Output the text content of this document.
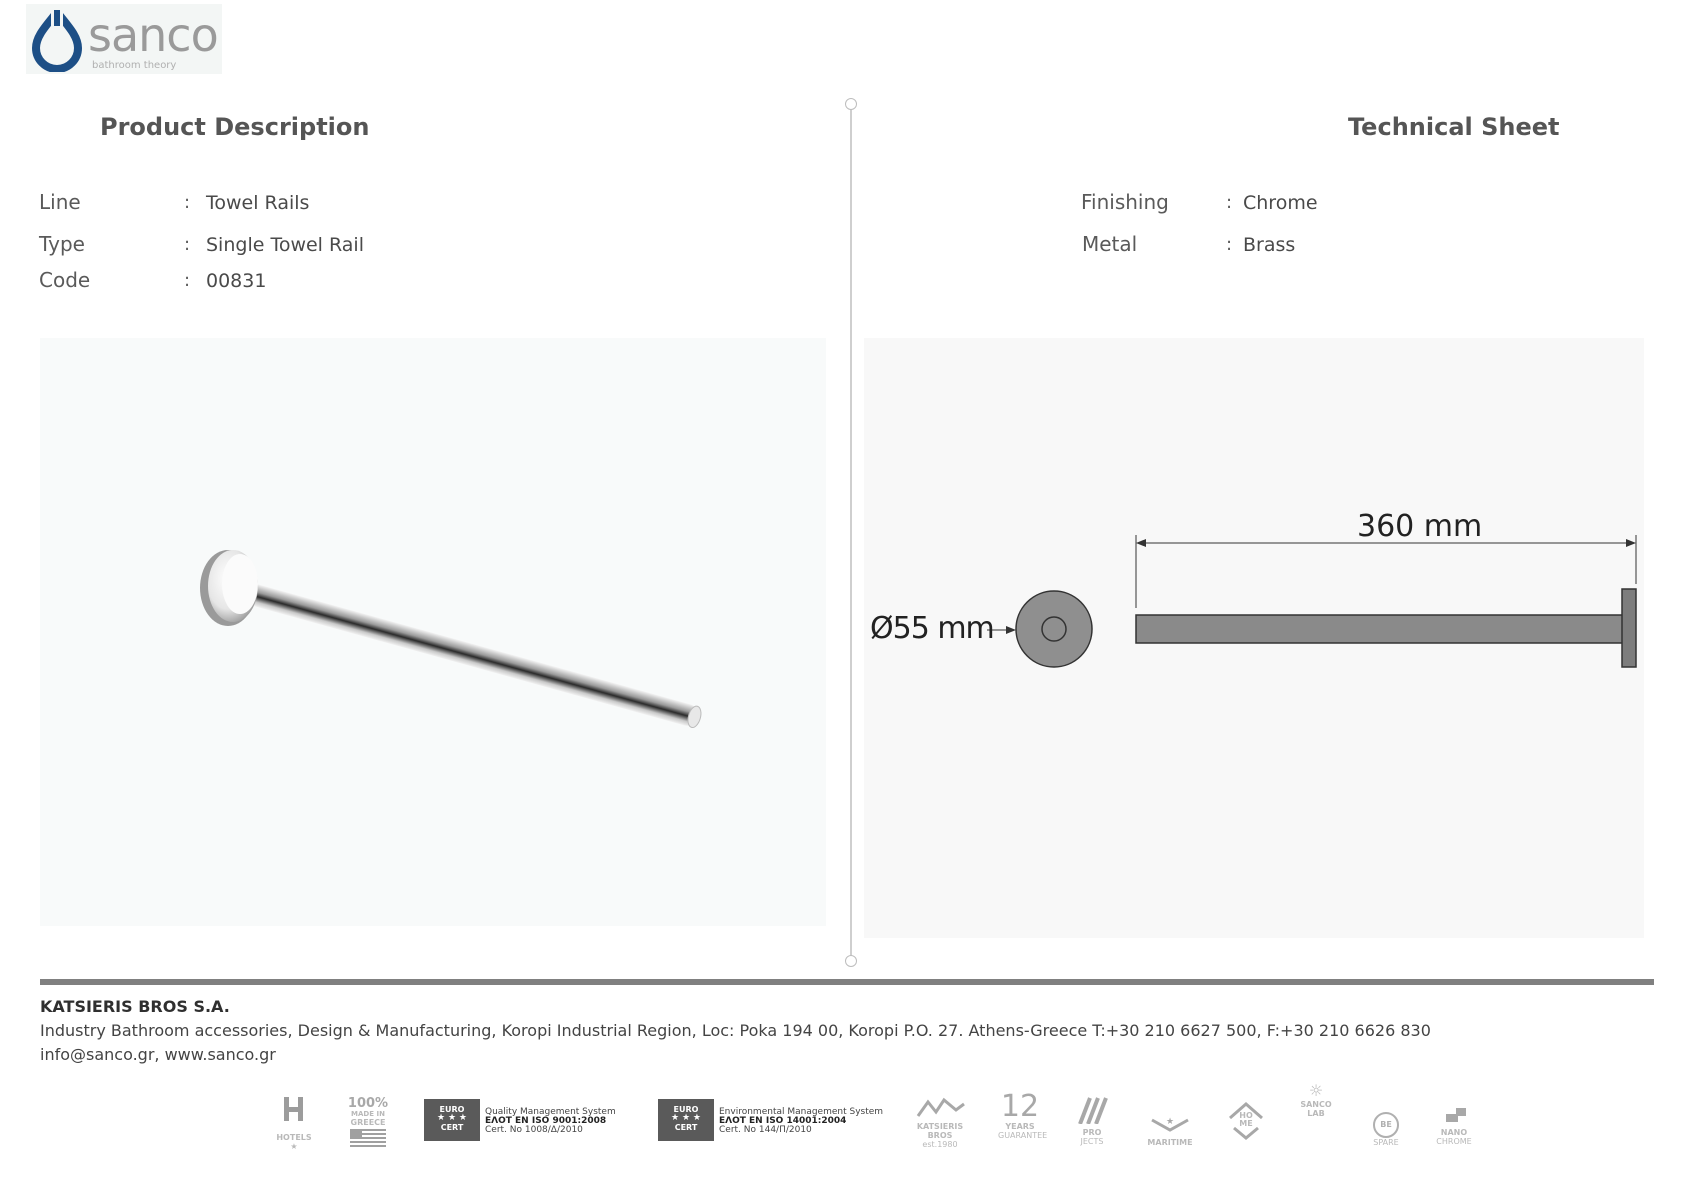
sanco
bathroom theory
Product Description
Line	: Towel Rails
Type	: Single Towel Rail
Code	: 00831
Technical Sheet
Finishing	: Chrome
Metal	: Brass
360 mm
Ø55 mm
KATSIERIS BROS S.A.
Industry Bathroom accessories, Design & Manufacturing, Koropi Industrial Region, Loc: Poka 194 00, Koropi P.O. 27. Athens-Greece T:+30 210 6627 500, F:+30 210 6626 830
info@sanco.gr, www.sanco.gr
HOTELS
★
100%
MADE IN
GREECE
EURO
★ ★ ★
CERT
Quality Management System
ΕΛΟΤ EN ISO 9001:2008
Cert. No 1008/Δ/2010
EURO
★ ★ ★
CERT
Environmental Management System
ΕΛΟΤ EN ISO 14001:2004
Cert. No 144/Π/2010	KATSIERIS
BROS
est.1980
12
YEARS
GUARANTEE	PRO
JECTS
★
MARITIME
HO
ME
☼
SANCO
LAB
BE
SPARE
NANO
CHROME
